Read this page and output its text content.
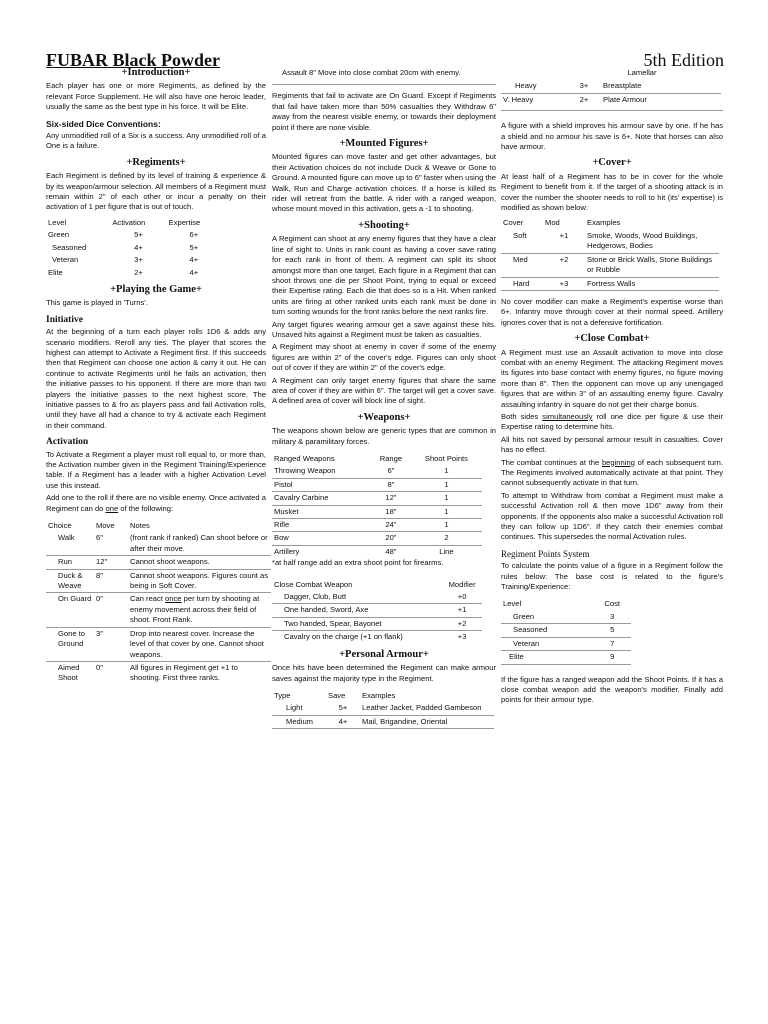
FUBAR Black Powder	5th Edition
+Introduction+

Each player has one or more Regiments, as defined by the relevant Force Supplement. He will also have one heroic leader, usually the same as the best type in his force. It will be Elite.

Six-sided Dice Conventions:

Any unmodified roll of a Six is a success. Any unmodified roll of a One is a failure.

+Regiments+

Each Regiment is defined by its level of training & experience & by its weapon/armour selection. All members of a Regiment must remain within 2" of each other or incur a penalty on their activation of 1 per figure that is out of touch.

Level	Activation	Expertise
Green	5+	6+
Seasoned	4+	5+
Veteran	3+	4+
Elite	2+	4+
+Playing the Game+

This game is played in 'Turns'.

Initiative

At the beginning of a turn each player rolls 1D6 & adds any scenario modifiers. Reroll any ties. The player that scores the highest can attempt to Activate a Regiment first. If this succeeds then that Regiment can choose one action & carry it out. He can continue to activate Regiments until he fails an activation, then the initiative passes to his opponent. If there are more than two players the initiative passes to the next highest score. The initiative passes to & fro as players pass and fail Activation rolls, until they have all had a chance to try & activate each Regiment in their command.

Activation

To Activate a Regiment a player must roll equal to, or more than, the Activation number given in the Regiment Training/Experience table. If a Regiment has a leader with a higher Activation Level use this instead.

Add one to the roll if there are no visible enemy. Once activated a Regiment can do one of the following:

Choice	Move	Notes
Walk	6"	(front rank if ranked) Can shoot before or after their move.
Run	12"	Cannot shoot weapons.
Duck & Weave	8"	Cannot shoot weapons. Figures count as being in Soft Cover.
On Guard	0"	Can react once per turn by shooting at enemy movement across their field of shoot. Front Rank.
Gone to Ground	3"	Drop into nearest cover. Increase the level of that cover by one. Cannot shoot weapons.
Aimed Shoot	0"	All figures in Regiment get +1 to shooting. First three ranks.

Assault 8" Move into close combat 20cm with enemy.

Regiments that fail to activate are On Guard. Except if Regiments that fail have taken more than 50% casualties they Withdraw 6" away from the nearest visible enemy, or towards their deployment point if there are none visible.

+Mounted Figures+

Mounted figures can move faster and get other advantages, but their Activation choices do not include Duck & Weave or Gone to Ground. A mounted figure can move up to 6" faster when using the Walk, Run and Charge activation choices. If a horse is killed its rider will retreat from the battle. A rider with a ranged weapon, whose mount moved in this activation, gets a -1 to shooting.

+Shooting+

A Regiment can shoot at any enemy figures that they have a clear line of sight to. Units in rank count as having a cover save rating for each rank in front of them. A regiment can split its shoot amongst more than one target. Each figure in a Regiment that can shoot throws one die per Shoot Point, trying to equal or exceed their Expertise rating. Each die that does so is a Hit. When ranked units are firing at other ranked units each rank must be done in turn sorting wounds for the front ranks before the next ranks fire.

Any target figures wearing armour get a save against these hits. Unsaved hits against a Regiment must be taken as casualties.

A Regiment may shoot at enemy in cover if some of the enemy figures are within 2" of the cover's edge. Figures can only shoot out of cover if they are within 2" of the cover's edge.

A Regiment can only target enemy figures that share the same area of cover if they are within 6". The target will get a cover save. A defined area of cover will block line of sight.

+Weapons+

The weapons shown below are generic types that are common in military & paramilitary forces.

Ranged Weapons	Range	Shoot Points
Throwing Weapon	6"	1
Pistol	8"	1
Cavalry Carbine	12"	1
Musket	18"	1
Rifle	24"	1
Bow	20"	2
Artillery	48"	Line

*at half range add an extra shoot point for firearms.

Close Combat Weapon	Modifier
Dagger, Club, Butt	+0
One handed, Sword, Axe	+1
Two handed, Spear, Bayonet	+2
Cavalry on the charge (+1 on flank)	+3
+Personal Armour+

Once hits have been determined the Regiment can make armour saves against the majority type in the Regiment.

Type	Save	Examples
Light	5+	Leather Jacket, Padded Gambeson
Medium	4+	Mail, Brigandine, Oriental

Lamellar

Heavy	3+	Breastplate
V. Heavy	2+	Plate Armour

A figure with a shield improves his armour save by one. If he has a shield and no armour his save is 6+. Note that horses can also have armour.

+Cover+

At least half of a Regiment has to be in cover for the whole Regiment to benefit from it. If the target of a shooting attack is in cover the number the shooter needs to roll to hit (its' expertise) is modified as shown below:

Cover	Mod	Examples
Soft	+1	Smoke, Woods, Wood Buildings, Hedgerows, Bodies
Med	+2	Stone or Brick Walls, Stone Buildings or Rubble
Hard	+3	Fortress Walls

No cover modifier can make a Regiment's expertise worse than 6+. Infantry move through cover at their normal speed. Artillery ignores cover that is not a defensive fortification.

+Close Combat+

A Regiment must use an Assault activation to move into close combat with an enemy Regiment. The attacking Regiment moves its figures into base contact with enemy figures, no figure moving more than 8". Then the opponent can move up any unengaged figures that are within 3" of an assaulting enemy figure. Cavalry assaulting infantry in square do not get their charge bonus.

Both sides simultaneously roll one dice per figure & use their Expertise rating to determine hits.

All hits not saved by personal armour result in casualties. Cover has no effect.

The combat continues at the beginning of each subsequent turn. The Regiments involved automatically activate at that point. They cannot subsequently activate in that turn.

To attempt to Withdraw from combat a Regiment must make a successful Activation roll & then move 1D6" away from their opponents. If the opponents also make a successful Activation roll they can follow up 1D6". If they catch their enemies combat continues. This supersedes the normal Activation rules.

Regiment Points System

To calculate the points value of a figure in a Regiment follow the rules below: The base cost is related to the figure's Training/Experience:

Level	Cost
Green	3
Seasoned	5
Veteran	7
Elite	9

If the figure has a ranged weapon add the Shoot Points. If it has a close combat weapon add the weapon's modifier. Finally add points for their armour type.
